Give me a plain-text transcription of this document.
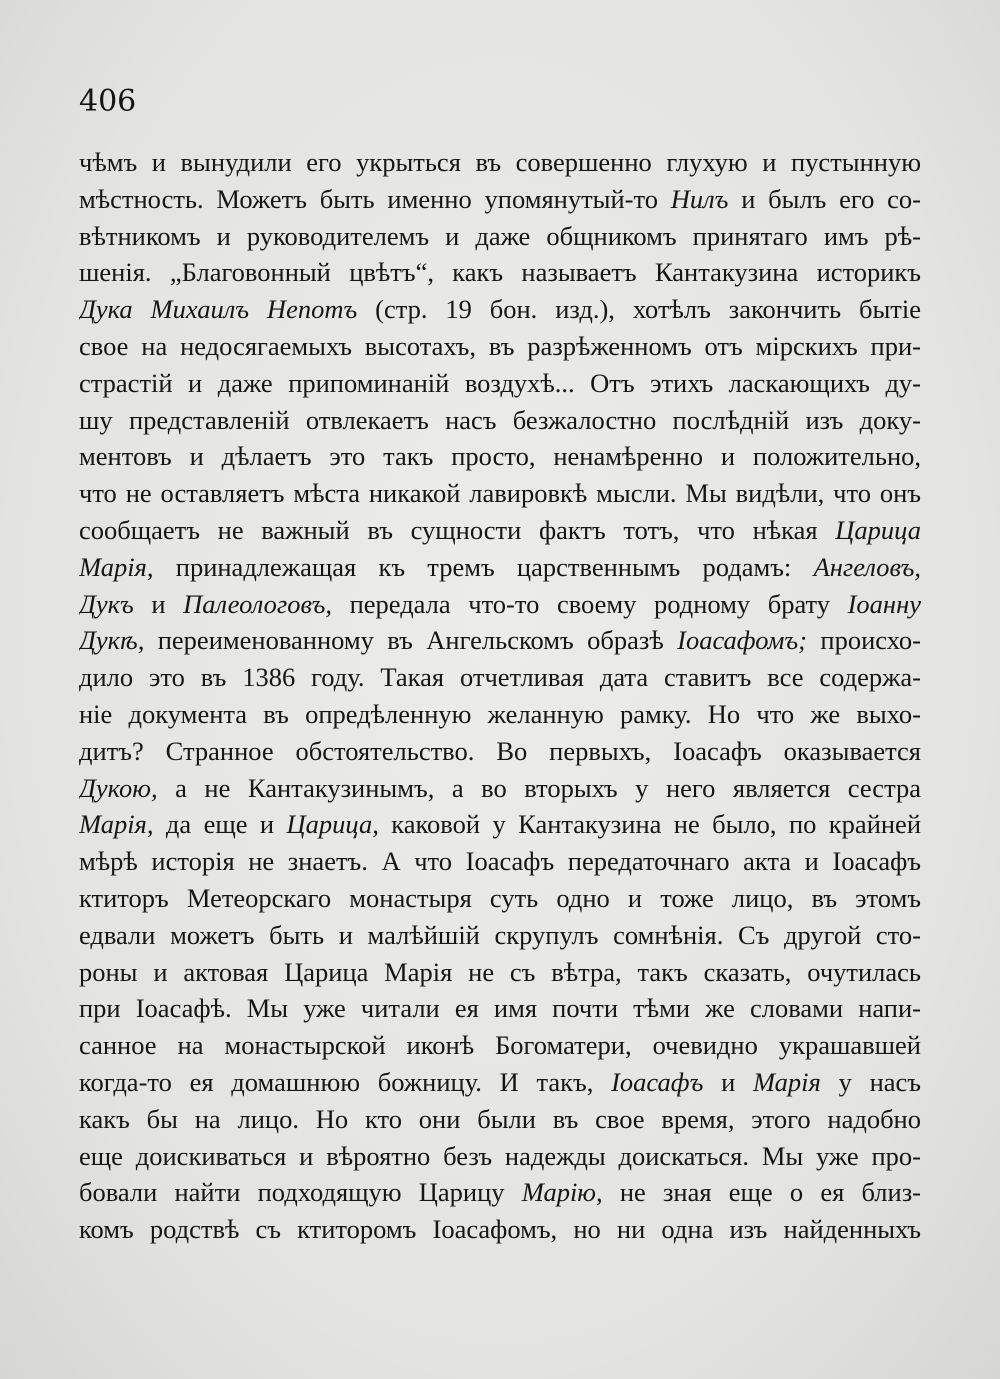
406
чѣмъ и вынудили его укрыться въ совершенно глухую и пустынную
мѣстность. Можетъ быть именно упомянутый-то Нилъ и былъ его со-
вѣтникомъ и руководителемъ и даже общникомъ принятаго имъ рѣ-
шенія. „Благовонный цвѣтъ“, какъ называетъ Кантакузина историкъ
Дука Михаилъ Непотъ (стр. 19 бон. изд.), хотѣлъ закончить бытіе
свое на недосягаемыхъ высотахъ, въ разрѣженномъ отъ мірскихъ при-
страстій и даже припоминаній воздухѣ... Отъ этихъ ласкающихъ ду-
шу представленій отвлекаетъ насъ безжалостно послѣдній изъ доку-
ментовъ и дѣлаетъ это такъ просто, ненамѣренно и положительно,
что не оставляетъ мѣста никакой лавировкѣ мысли. Мы видѣли, что онъ
сообщаетъ не важный въ сущности фактъ тотъ, что нѣкая Царица
Марія, принадлежащая къ тремъ царственнымъ родамъ: Ангеловъ,
Дукъ и Палеологовъ, передала что-то своему родному брату Іоанну
Дукѣ, переименованному въ Ангельскомъ образѣ Іоасафомъ; происхо-
дило это въ 1386 году. Такая отчетливая дата ставитъ все содержа-
ніе документа въ опредѣленную желанную рамку. Но что же выхо-
дитъ? Странное обстоятельство. Во первыхъ, Іоасафъ оказывается
Дукою, а не Кантакузинымъ, а во вторыхъ у него является сестра
Марія, да еще и Царица, каковой у Кантакузина не было, по крайней
мѣрѣ исторія не знаетъ. А что Іоасафъ передаточнаго акта и Іоасафъ
ктиторъ Метеорскаго монастыря суть одно и тоже лицо, въ этомъ
едвали можетъ быть и малѣйшій скрупулъ сомнѣнія. Съ другой сто-
роны и актовая Царица Марія не съ вѣтра, такъ сказать, очутилась
при Іоасафѣ. Мы уже читали ея имя почти тѣми же словами напи-
санное на монастырской иконѣ Богоматери, очевидно украшавшей
когда-то ея домашнюю божницу. И такъ, Іоасафъ и Марія у насъ
какъ бы на лицо. Но кто они были въ свое время, этого надобно
еще доискиваться и вѣроятно безъ надежды доискаться. Мы уже про-
бовали найти подходящую Царицу Марію, не зная еще о ея близ-
комъ родствѣ съ ктиторомъ Іоасафомъ, но ни одна изъ найденныхъ
